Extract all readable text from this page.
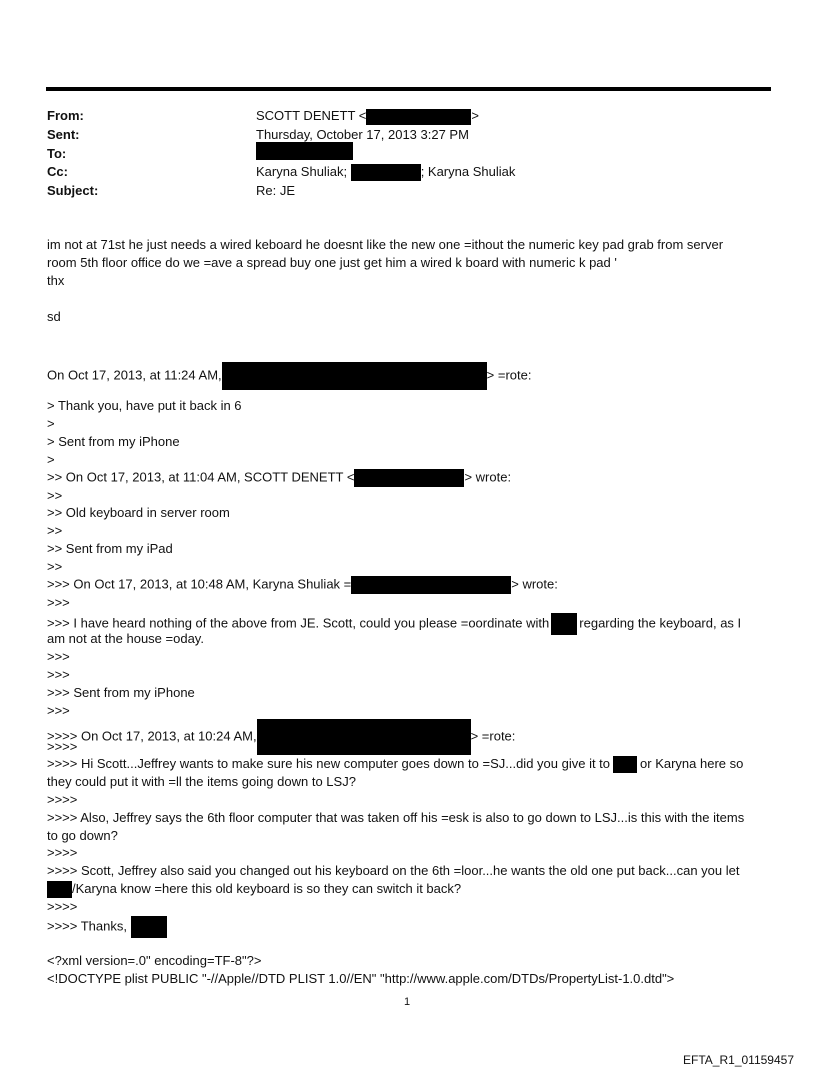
From:	SCOTT DENETT <	>
Sent:	Thursday, October 17, 2013 3:27 PM
To:
Cc:	Karyna Shuliak;	; Karyna Shuliak
Subject:	Re: JE
im not at 71st he just needs a wired keboard he doesnt like the new one =ithout the numeric key pad grab from server
room 5th floor office do we =ave a spread buy one just get him a wired k board with numeric k pad '
thx
sd
On Oct 17, 2013, at 11:24 AM,	> =rote:
> Thank you, have put it back in 6
>
> Sent from my iPhone
>
>> On Oct 17, 2013, at 11:04 AM, SCOTT DENETT <	> wrote:
>>
>> Old keyboard in server room
>>
>> Sent from my iPad
>>
>>> On Oct 17, 2013, at 10:48 AM, Karyna Shuliak =	> wrote:
>>>
>>> I have heard nothing of the above from JE. Scott, could you please =oordinate with regarding the keyboard, as I
am not at the house =oday.
>>>
>>>
>>> Sent from my iPhone
>>>
>>>> On Oct 17, 2013, at 10:24 AM,	> =rote:
>>>>
>>>> Hi Scott...Jeffrey wants to make sure his new computer goes down to =SJ...did you give it to or Karyna here so
they could put it with =ll the items going down to LSJ?
>>>>
>>>> Also, Jeffrey says the 6th floor computer that was taken off his =esk is also to go down to LSJ...is this with the items
to go down?
>>>>
>>>> Scott, Jeffrey also said you changed out his keyboard on the 6th =loor...he wants the old one put back...can you let
/Karyna know =here this old keyboard is so they can switch it back?
>>>>
>>>> Thanks,
<?xml version=.0" encoding=TF-8"?>
<!DOCTYPE plist PUBLIC "-//Apple//DTD PLIST 1.0//EN" "http://www.apple.com/DTDs/PropertyList-1.0.dtd">
1
EFTA_R1_01159457
